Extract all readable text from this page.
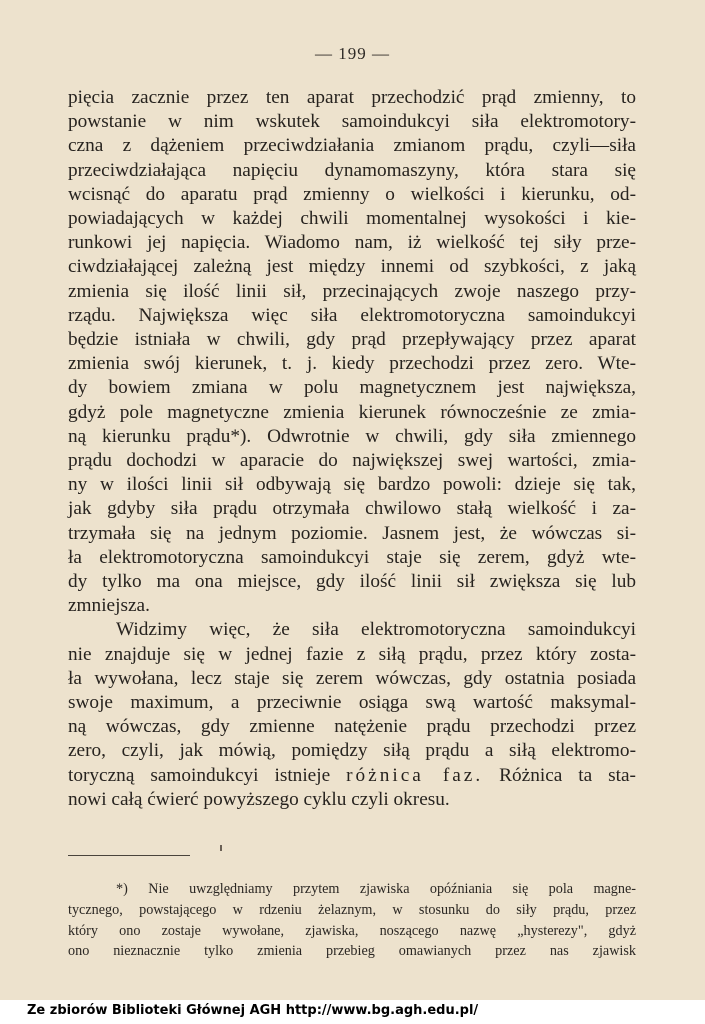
— 199 —
pięcia zacznie przez ten aparat przechodzić prąd zmienny, to
powstanie w nim wskutek samoindukcyi siła elektromotory-
czna z dążeniem przeciwdziałania zmianom prądu, czyli—siła
przeciwdziałająca napięciu dynamomaszyny, która stara się
wcisnąć do aparatu prąd zmienny o wielkości i kierunku, od-
powiadających w każdej chwili momentalnej wysokości i kie-
runkowi jej napięcia. Wiadomo nam, iż wielkość tej siły prze-
ciwdziałającej zależną jest między innemi od szybkości, z jaką
zmienia się ilość linii sił, przecinających zwoje naszego przy-
rządu. Największa więc siła elektromotoryczna samoindukcyi
będzie istniała w chwili, gdy prąd przepływający przez aparat
zmienia swój kierunek, t. j. kiedy przechodzi przez zero. Wte-
dy bowiem zmiana w polu magnetycznem jest największa,
gdyż pole magnetyczne zmienia kierunek równocześnie ze zmia-
ną kierunku prądu*). Odwrotnie w chwili, gdy siła zmiennego
prądu dochodzi w aparacie do największej swej wartości, zmia-
ny w ilości linii sił odbywają się bardzo powoli: dzieje się tak,
jak gdyby siła prądu otrzymała chwilowo stałą wielkość i za-
trzymała się na jednym poziomie. Jasnem jest, że wówczas si-
ła elektromotoryczna samoindukcyi staje się zerem, gdyż wte-
dy tylko ma ona miejsce, gdy ilość linii sił zwiększa się lub
zmniejsza.
Widzimy więc, że siła elektromotoryczna samoindukcyi
nie znajduje się w jednej fazie z siłą prądu, przez który zosta-
ła wywołana, lecz staje się zerem wówczas, gdy ostatnia posiada
swoje maximum, a przeciwnie osiąga swą wartość maksymal-
ną wówczas, gdy zmienne natężenie prądu przechodzi przez
zero, czyli, jak mówią, pomiędzy siłą prądu a siłą elektromo-
toryczną samoindukcyi istnieje różnica faz. Różnica ta sta-
nowi całą ćwierć powyższego cyklu czyli okresu.
*) Nie uwzględniamy przytem zjawiska opóźniania się pola magne-
tycznego, powstającego w rdzeniu żelaznym, w stosunku do siły prądu, przez
który ono zostaje wywołane, zjawiska, noszącego nazwę „hysterezy", gdyż
ono nieznacznie tylko zmienia przebieg omawianych przez nas zjawisk
Ze zbiorów Biblioteki Głównej AGH http://www.bg.agh.edu.pl/
